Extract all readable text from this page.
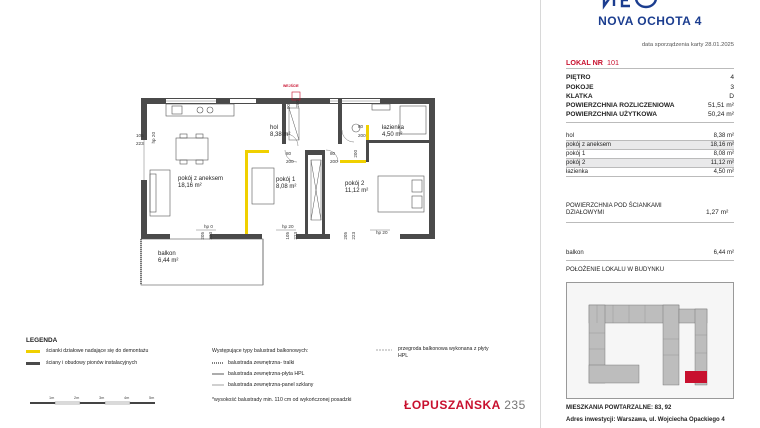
WEJŚCIE
hol
8,38 m²
łazienka
4,50 m²
pokój z aneksem
18,16 m²
pokój 1
8,08 m²	pokój 2
11,12 m²
balkon
6,44 m²
90 200
80
200
80
200
80
200
200
105
223 hp 20
hp 0	hp 20
hp 20
205 223	105 223	205 223
LEGENDA
ścianki działowe nadające się do demontażu
ściany i obudowy pionów instalacyjnych
Występujące typy balustrad balkonowych:
balustrada zewnętrzna- tralki
balustrada zewnętrzna-płyta HPL
balustrada zewnętrzna-panel szklany
przegroda balkonowa wykonana z płyty HPL
*wysokość balustrady min. 110 cm od wykończonej posadzki
1m	2m	3m	4m	5m	ŁOPUSZAŃSKA 235
NOVA OCHOTA 4
data sporządzenia karty 28.01.2025
LOKAL NR 101
PIĘTRO	4
POKOJE	3
KLATKA	D
POWIERZCHNIA ROZLICZENIOWA	51,51 m²
POWIERZCHNIA UŻYTKOWA	50,24 m²
hol	8,38 m²
pokój z aneksem	18,16 m²
pokój 1	8,08 m²
pokój 2	11,12 m²
łazienka	4,50 m²
POWIERZCHNIA POD ŚCIANKAMI
DZIAŁOWYMI	1,27 m²
balkon	6,44 m²
POŁOŻENIE LOKALU W BUDYNKU
MIESZKANIA POWTARZALNE: 83, 92
Adres inwestycji: Warszawa, ul. Wojciecha Opackiego 4
